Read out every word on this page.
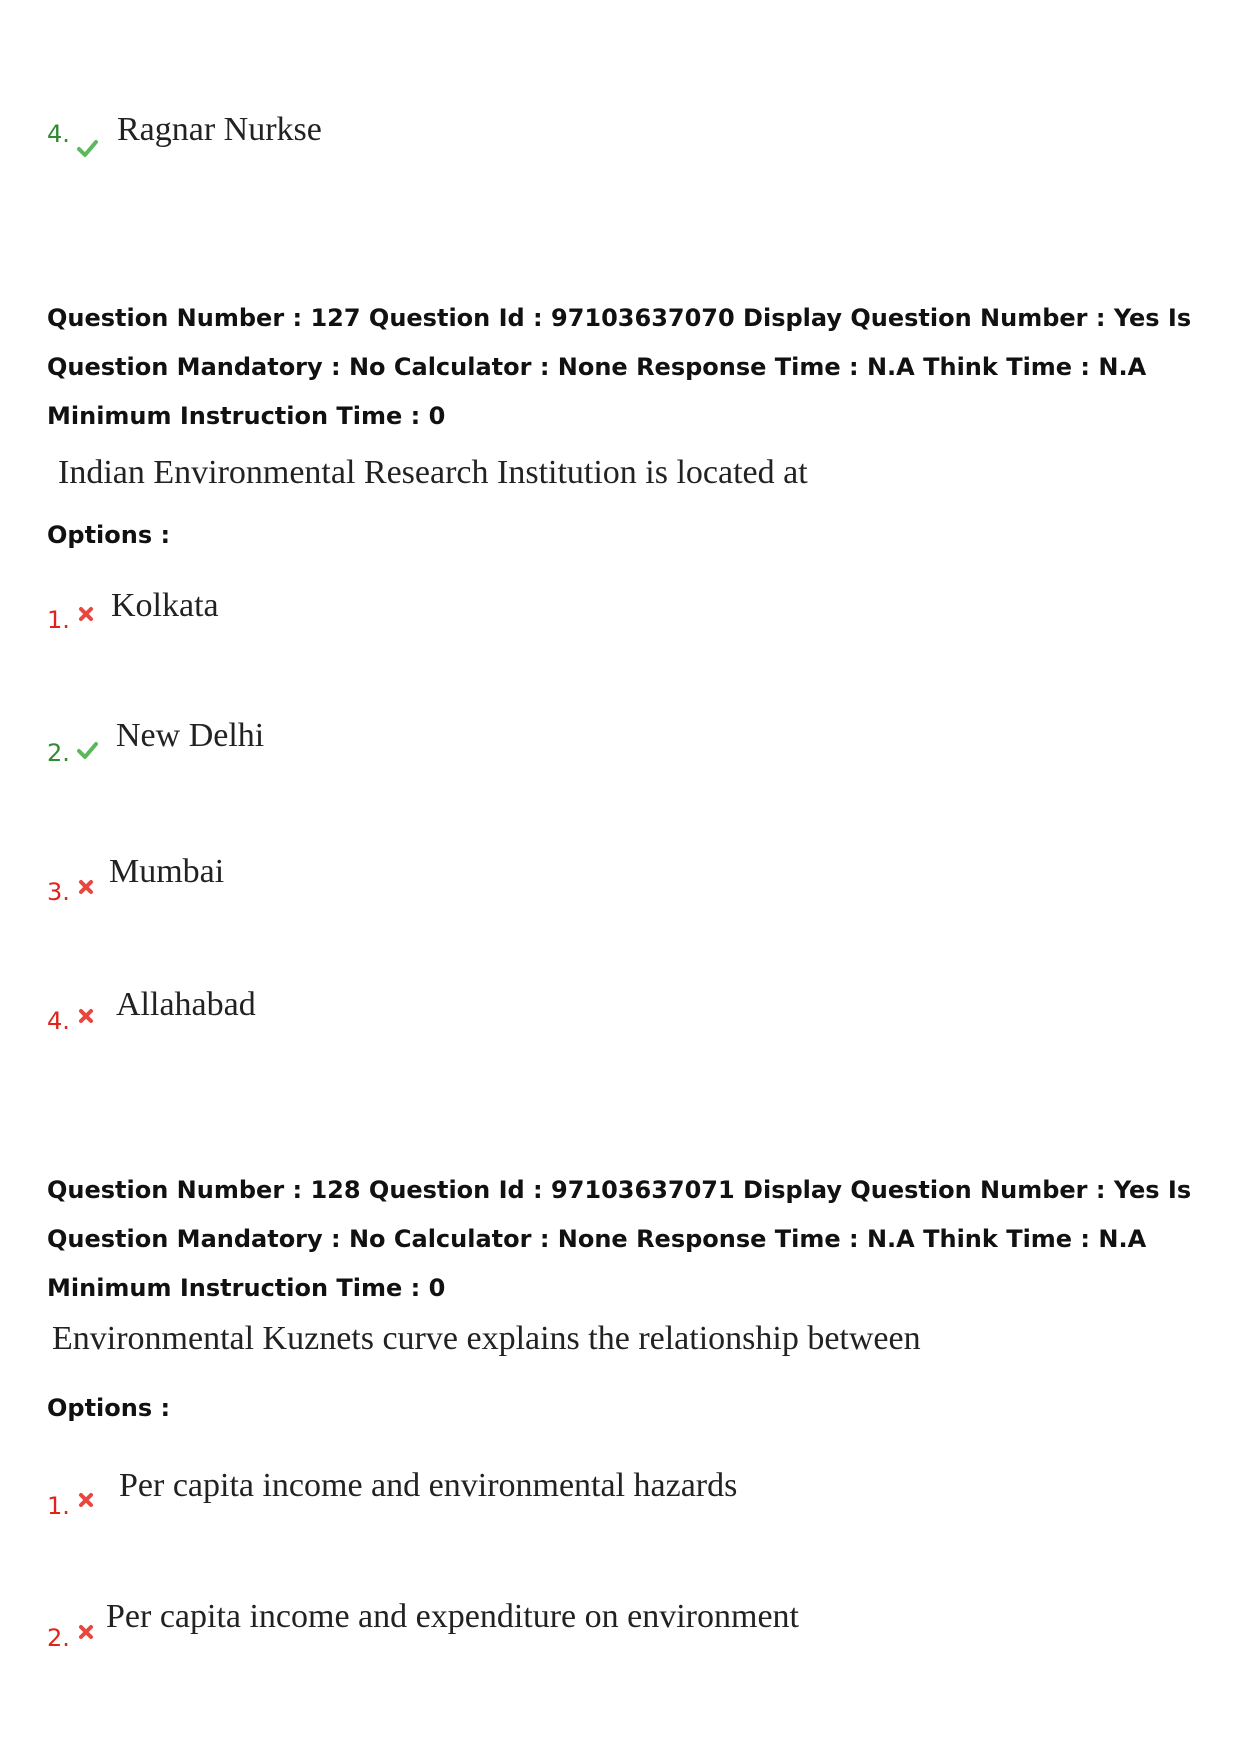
4. Ragnar Nurkse
Question Number : 127 Question Id : 97103637070 Display Question Number : Yes Is Question Mandatory : No Calculator : None Response Time : N.A Think Time : N.A Minimum Instruction Time : 0
Indian Environmental Research Institution is located at
Options :
1. Kolkata
2. New Delhi
3.
Mumbai
4. Allahabad
Question Number : 128 Question Id : 97103637071 Display Question Number : Yes Is Question Mandatory : No Calculator : None Response Time : N.A Think Time : N.A Minimum Instruction Time : 0
Environmental Kuznets curve explains the relationship between
Options :
1.
Per capita income and environmental hazards
2.
Per capita income and expenditure on environment
